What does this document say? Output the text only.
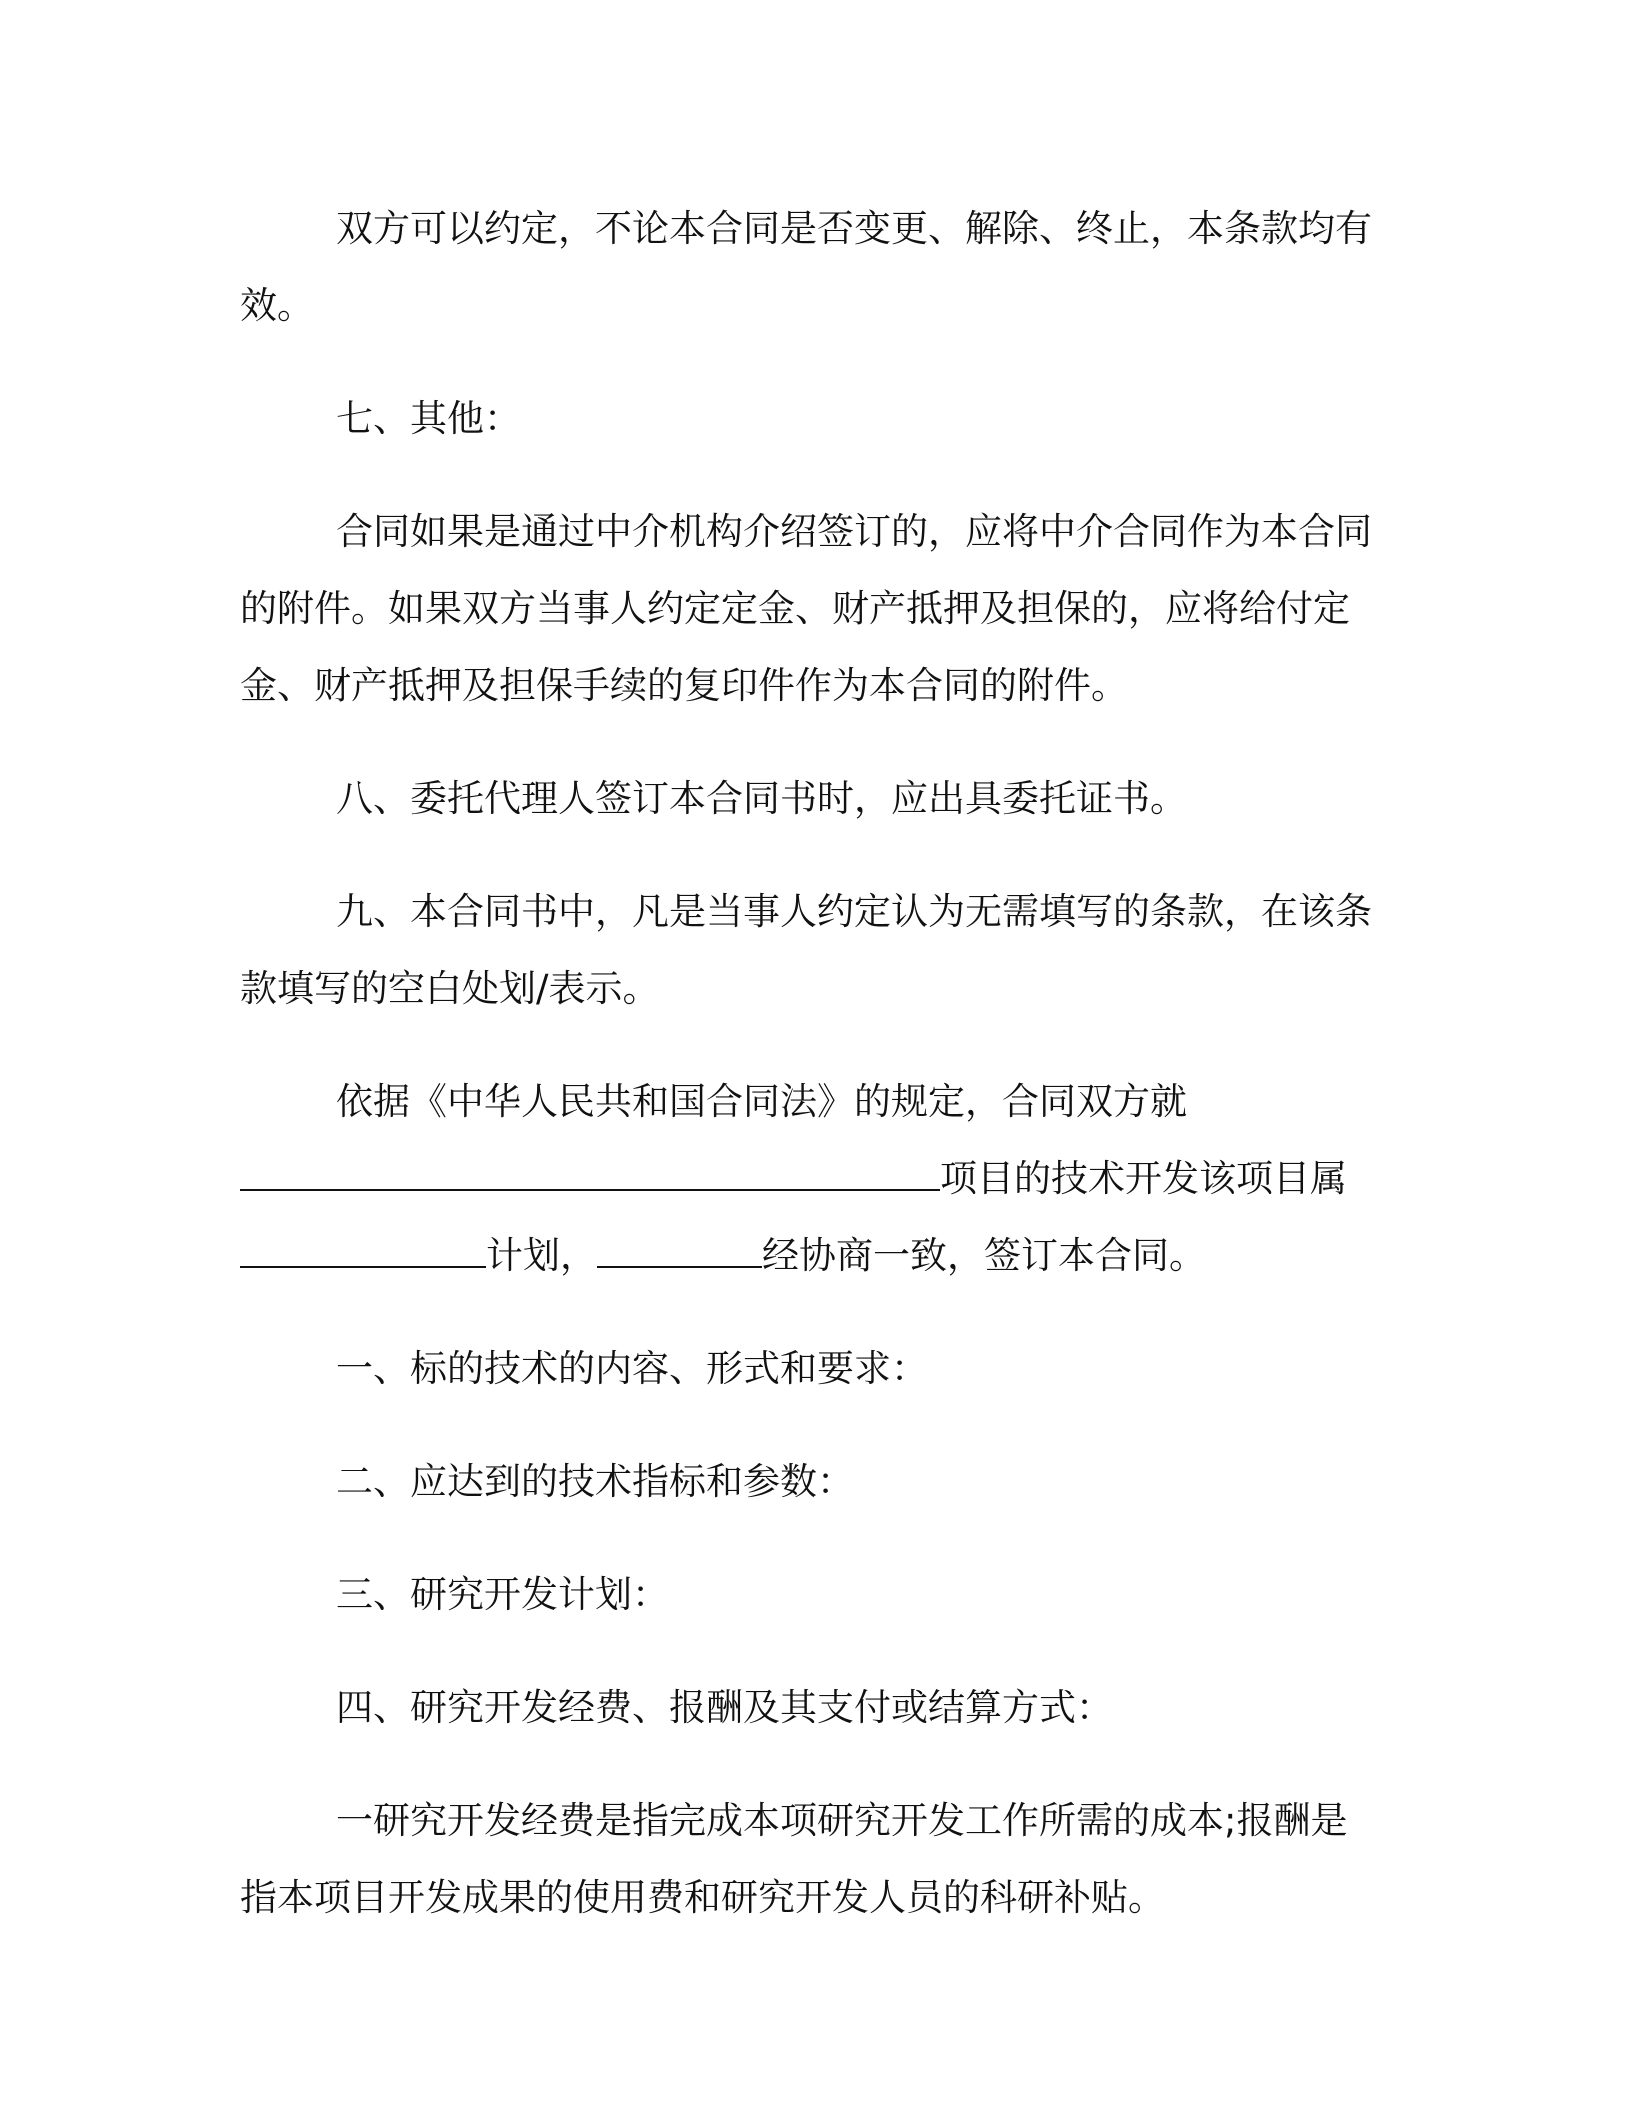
双方可以约定，不论本合同是否变更、解除、终止，本条款均有效。

七、其他：

合同如果是通过中介机构介绍签订的，应将中介合同作为本合同的附件。如果双方当事人约定定金、财产抵押及担保的，应将给付定金、财产抵押及担保手续的复印件作为本合同的附件。

八、委托代理人签订本合同书时，应出具委托证书。

九、本合同书中，凡是当事人约定认为无需填写的条款，在该条款填写的空白处划/表示。

依据《中华人民共和国合同法》的规定，合同双方就

项目的技术开发该项目属

计划，	经协商一致，签订本合同。

一、标的技术的内容、形式和要求：

二、应达到的技术指标和参数：

三、研究开发计划：

四、研究开发经费、报酬及其支付或结算方式：

一研究开发经费是指完成本项研究开发工作所需的成本;报酬是指本项目开发成果的使用费和研究开发人员的科研补贴。
